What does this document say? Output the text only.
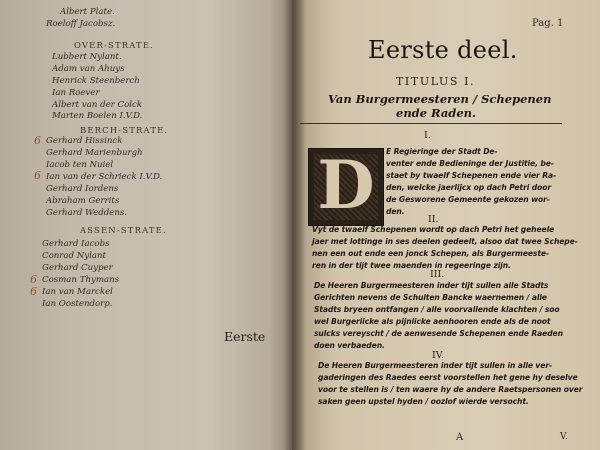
Albert Plate.
Roeloff Jacobsz.
OVER-STRATE.
Lubbert Nylant.
Adam van Ahuys
Henrick Steenberch
Ian Roever
Albert van der Colck
Marten Boelen I.V.D.
BERCH-STRATE.
6 Gerhard Hissinck
Gerhard Marienburgh
Iacob ten Nuiel
6 Ian van der Schrieck I.V.D.
Gerhard Iordens
Abraham Gerrits
Gerhard Weddens.
ASSEN-STRATE.
Gerhard Iacobs
Conrad Nylant
Gerhard Cuyper
6 Cosman Thymans
6 Ian van Marckel
Ian Oostendorp.
Eerste
Pag. 1
Eerste deel.
TITULUS I.
Van Burgermeesteren / Schepenen
ende Raden.
I.
D	E Regieringe der Stadt De-
venter ende Bedieninge der Justitie, be-
staet by twaelf Schepenen ende vier Ra-
den, welcke jaerlijcx op dach Petri door
de Gesworene Gemeente gekozen wor-
den.
II.
Vyt de twaelf Schepenen wordt op dach Petri het geheele
jaer met lottinge in ses deelen gedeelt, alsoo dat twee Schepe-
nen een out ende een jonck Schepen, als Burgermeeste-
ren in der tijt twee maenden in regeeringe zijn.
III.
De Heeren Burgermeesteren inder tijt sullen alle Stadts
Gerichten nevens de Schulten Bancke waernemen / alle
Stadts bryeen ontfangen / alle voorvallende klachten / soo
wel Burgerlicke als pijnlicke aenhooren ende als de noot
sulcks vereyscht / de aenwesende Schepenen ende Raeden
doen verbaeden.
IV.
De Heeren Burgermeesteren inder tijt sullen in alle ver-
gaderingen des Raedes eerst voorstellen het gene hy deselve
voor te stellen is / ten waere hy de andere Raetspersonen over
saken geen upstel hyden / oozlof wierde versocht.
A	V.
